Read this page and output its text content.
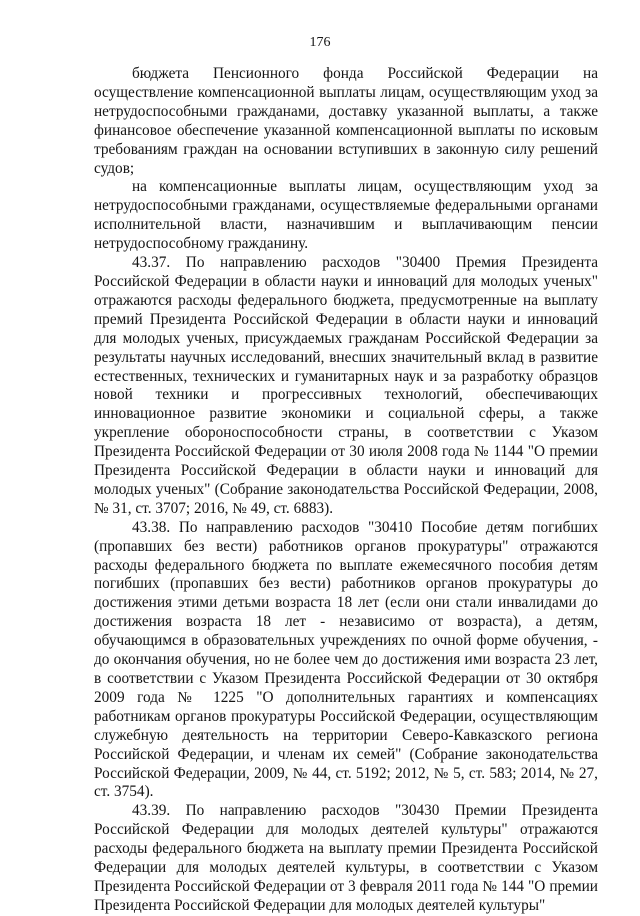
176

бюджета Пенсионного фонда Российской Федерации на осуществление компенсационной выплаты лицам, осуществляющим уход за нетрудоспособными гражданами, доставку указанной выплаты, а также финансовое обеспечение указанной компенсационной выплаты по исковым требованиям граждан на основании вступивших в законную силу решений судов;

на компенсационные выплаты лицам, осуществляющим уход за нетрудоспособными гражданами, осуществляемые федеральными органами исполнительной власти, назначившим и выплачивающим пенсии нетрудоспособному гражданину.

43.37. По направлению расходов "30400 Премия Президента Российской Федерации в области науки и инноваций для молодых ученых" отражаются расходы федерального бюджета, предусмотренные на выплату премий Президента Российской Федерации в области науки и инноваций для молодых ученых, присуждаемых гражданам Российской Федерации за результаты научных исследований, внесших значительный вклад в развитие естественных, технических и гуманитарных наук и за разработку образцов новой техники и прогрессивных технологий, обеспечивающих инновационное развитие экономики и социальной сферы, а также укрепление обороноспособности страны, в соответствии с Указом Президента Российской Федерации от 30 июля 2008 года № 1144 "О премии Президента Российской Федерации в области науки и инноваций для молодых ученых" (Собрание законодательства Российской Федерации, 2008, № 31, ст. 3707; 2016, № 49, ст. 6883).

43.38. По направлению расходов "30410 Пособие детям погибших (пропавших без вести) работников органов прокуратуры" отражаются расходы федерального бюджета по выплате ежемесячного пособия детям погибших (пропавших без вести) работников органов прокуратуры до достижения этими детьми возраста 18 лет (если они стали инвалидами до достижения возраста 18 лет - независимо от возраста), а детям, обучающимся в образовательных учреждениях по очной форме обучения, - до окончания обучения, но не более чем до достижения ими возраста 23 лет, в соответствии с Указом Президента Российской Федерации от 30 октября 2009 года № 1225 "О дополнительных гарантиях и компенсациях работникам органов прокуратуры Российской Федерации, осуществляющим служебную деятельность на территории Северо-Кавказского региона Российской Федерации, и членам их семей" (Собрание законодательства Российской Федерации, 2009, № 44, ст. 5192; 2012, № 5, ст. 583; 2014, № 27, ст. 3754).

43.39. По направлению расходов "30430 Премии Президента Российской Федерации для молодых деятелей культуры" отражаются расходы федерального бюджета на выплату премии Президента Российской Федерации для молодых деятелей культуры, в соответствии с Указом Президента Российской Федерации от 3 февраля 2011 года № 144 "О премии Президента Российской Федерации для молодых деятелей культуры"
